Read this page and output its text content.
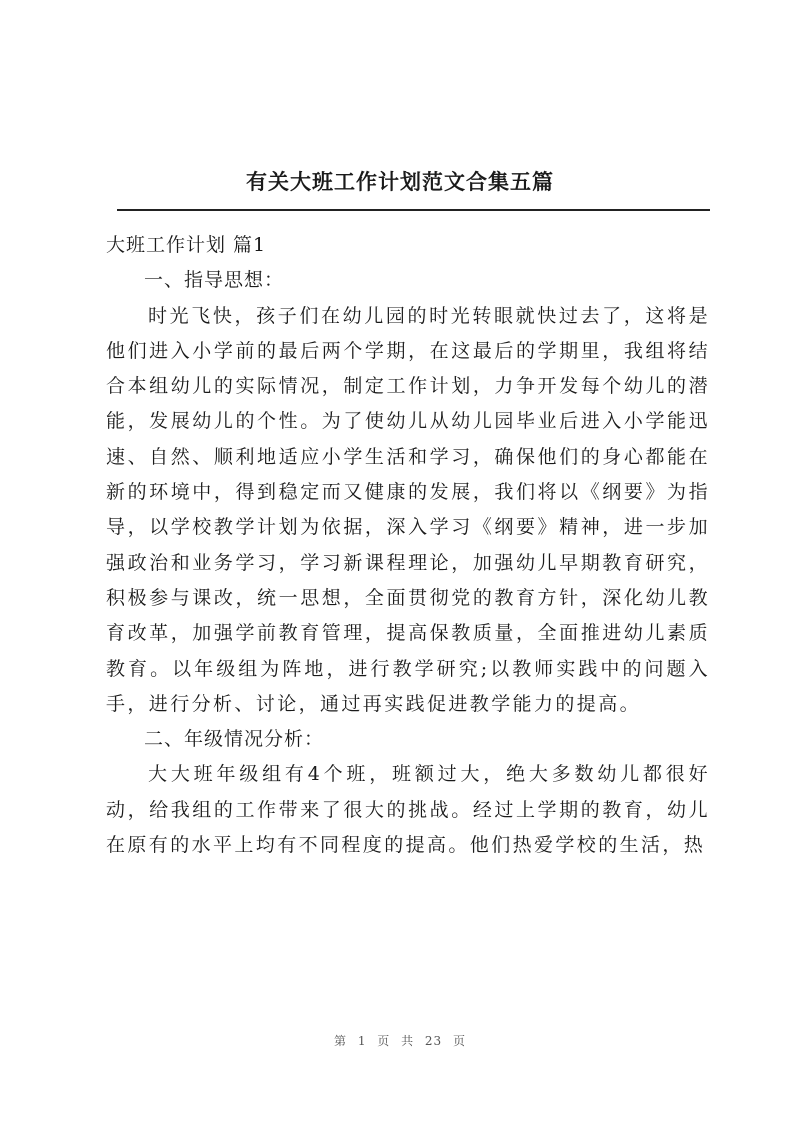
有关大班工作计划范文合集五篇

大班工作计划 篇1

一、指导思想：

时光飞快，孩子们在幼儿园的时光转眼就快过去了，这将是他们进入小学前的最后两个学期，在这最后的学期里，我组将结合本组幼儿的实际情况，制定工作计划，力争开发每个幼儿的潜能，发展幼儿的个性。为了使幼儿从幼儿园毕业后进入小学能迅速、自然、顺利地适应小学生活和学习，确保他们的身心都能在新的环境中，得到稳定而又健康的发展，我们将以《纲要》为指导，以学校教学计划为依据，深入学习《纲要》精神，进一步加强政治和业务学习，学习新课程理论，加强幼儿早期教育研究，积极参与课改，统一思想，全面贯彻党的教育方针，深化幼儿教育改革，加强学前教育管理，提高保教质量，全面推进幼儿素质教育。以年级组为阵地，进行教学研究;以教师实践中的问题入手，进行分析、讨论，通过再实践促进教学能力的提高。

二、年级情况分析：

大大班年级组有4个班，班额过大，绝大多数幼儿都很好动，给我组的工作带来了很大的挑战。经过上学期的教育，幼儿在原有的水平上均有不同程度的提高。他们热爱学校的生活，热

第 1 页 共 23 页
